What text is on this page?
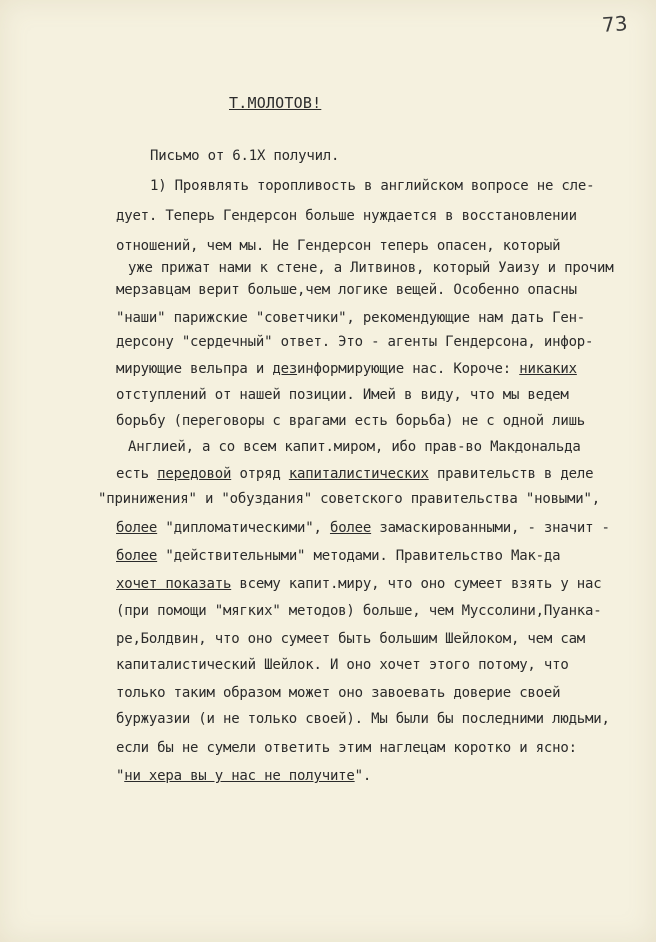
73
Т.МОЛОТОВ!
Письмо от 6.1Х получил.
1) Проявлять торопливость в английском вопросе не сле-
дует. Теперь Гендерсон больше нуждается в восстановлении
отношений, чем мы. Не Гендерсон теперь опасен, который
уже прижат нами к стене, а Литвинов, который Уаизу и прочим
мерзавцам верит больше,чем логике вещей. Особенно опасны
"наши" парижские "советчики", рекомендующие нам дать Ген-
дерсону "сердечный" ответ. Это - агенты Гендерсона, инфор-
мирующие вельпра и дезинформирующие нас. Короче: никаких
отступлений от нашей позиции. Имей в виду, что мы ведем
борьбу (переговоры с врагами есть борьба) не с одной лишь
Англией, а со всем капит.миром, ибо прав-во Макдональда
есть передовой отряд капиталистических правительств в деле
"принижения" и "обуздания" советского правительства "новыми",
более "дипломатическими", более замаскированными, - значит -
более "действительными" методами. Правительство Мак-да
хочет показать всему капит.миру, что оно сумеет взять у нас
(при помощи "мягких" методов) больше, чем Муссолини,Пуанка-
ре,Болдвин, что оно сумеет быть большим Шейлоком, чем сам
капиталистический Шейлок. И оно хочет этого потому, что
только таким образом может оно завоевать доверие своей
буржуазии (и не только своей). Мы были бы последними людьми,
если бы не сумели ответить этим наглецам коротко и ясно:
"ни хера вы у нас не получите".
